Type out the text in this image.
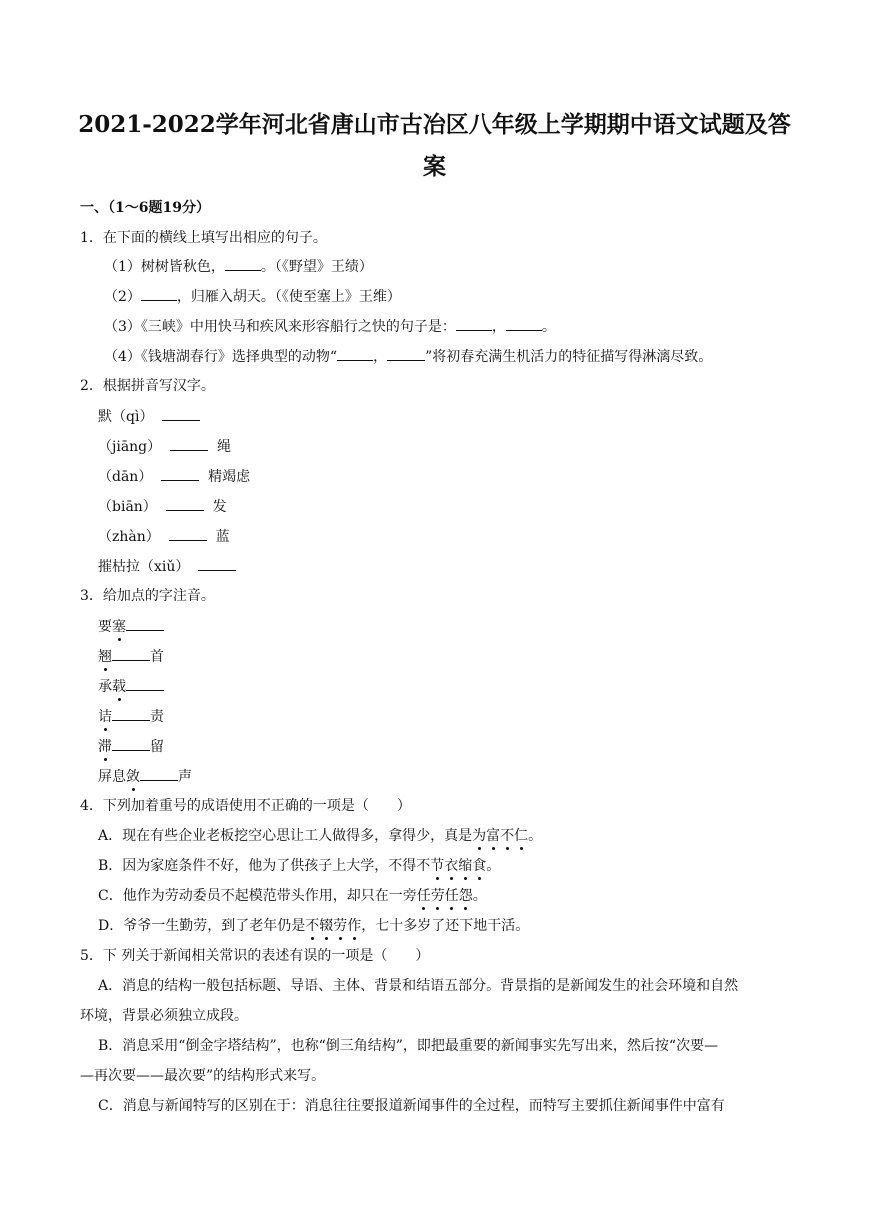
2021-2022学年河北省唐山市古冶区八年级上学期期中语文试题及答
案
一、（1～6题19分）
1．在下面的横线上填写出相应的句子。
（1）树树皆秋色，	。（《野望》王绩）
（2）	，归雁入胡天。（《使至塞上》王维）
（3）《三峡》中用快马和疾风来形容船行之快的句子是：	，	。
（4）《钱塘湖春行》选择典型的动物“	，	”将初春充满生机活力的特征描写得淋漓尽致。
2．根据拼音写汉字。
默（qì）
（jiāng）	绳
（dān）	精竭虑
（biān）	发
（zhàn）	蓝
摧枯拉（xiǔ）
3．给加点的字注音。
要塞
翘	首
承载
诘	责
滞	留
屏息敛	声
4．下列加着重号的成语使用不正确的一项是（　　）
A．现在有些企业老板挖空心思让工人做得多，拿得少，真是为富不仁。
B．因为家庭条件不好，他为了供孩子上大学，不得不节衣缩食。
C．他作为劳动委员不起模范带头作用，却只在一旁任劳任怨。
D．爷爷一生勤劳，到了老年仍是不辍劳作，七十多岁了还下地干活。
5．下 列关于新闻相关常识的表述有误的一项是（　　）
A．消息的结构一般包括标题、导语、主体、背景和结语五部分。背景指的是新闻发生的社会环境和自然
环境，背景必须独立成段。
B．消息采用“倒金字塔结构”，也称“倒三角结构”，即把最重要的新闻事实先写出来，然后按“次要—
—再次要——最次要”的结构形式来写。
C．消息与新闻特写的区别在于：消息往往要报道新闻事件的全过程，而特写主要抓住新闻事件中富有
